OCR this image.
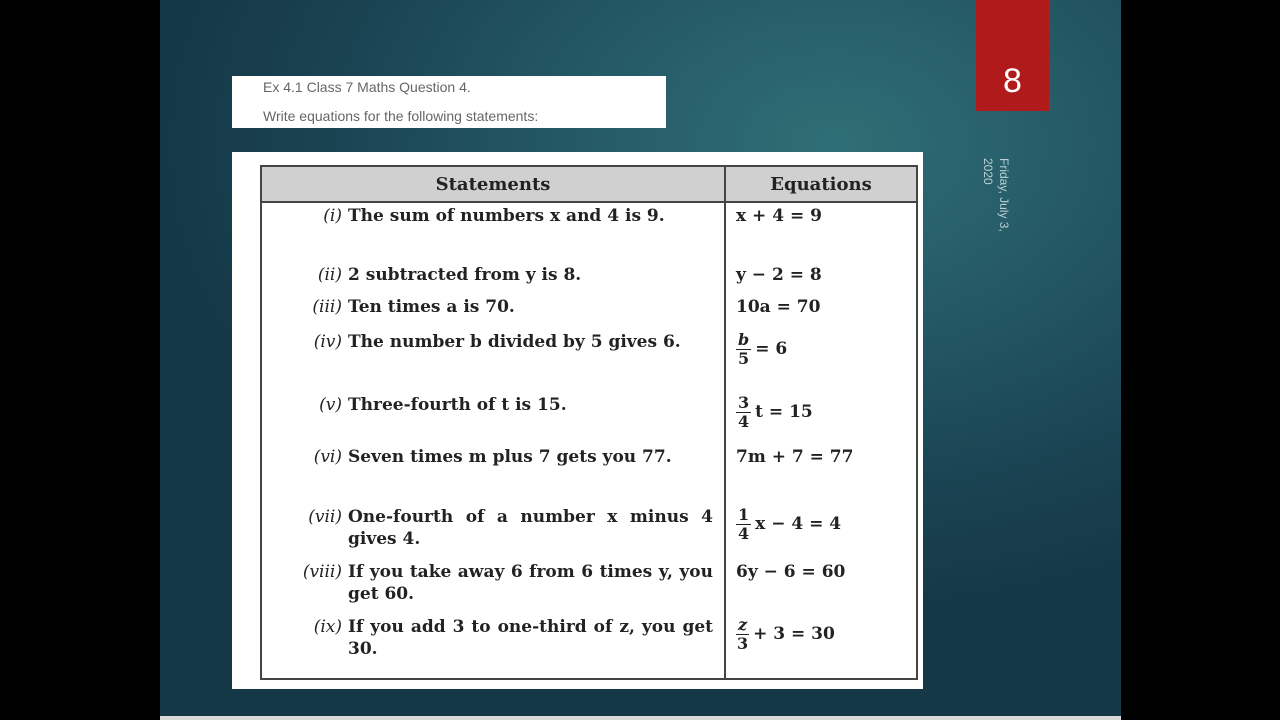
Ex 4.1 Class 7 Maths Question 4.
Write equations for the following statements:
8
Friday, July 3, 2020
Statements	Equations
(i) The sum of numbers x and 4 is 9.	x + 4 = 9
(ii) 2 subtracted from y is 8.	y − 2 = 8
(iii) Ten times a is 70.	10a = 70
(iv) The number b divided by 5 gives 6.	$\frac{b}{5} = 6$
(v) Three-fourth of t is 15.	$\frac{3}{4}$ t = 15
(vi) Seven times m plus 7 gets you 77.	7m + 7 = 77
(vii) One-fourth of a number x minus 4 gives 4.	$\frac{1}{4}$ x − 4 = 4
(viii) If you take away 6 from 6 times y, you get 60.	6y − 6 = 60
(ix) If you add 3 to one-third of z, you get 30.	$\frac{z}{3} + 3 = 30$
